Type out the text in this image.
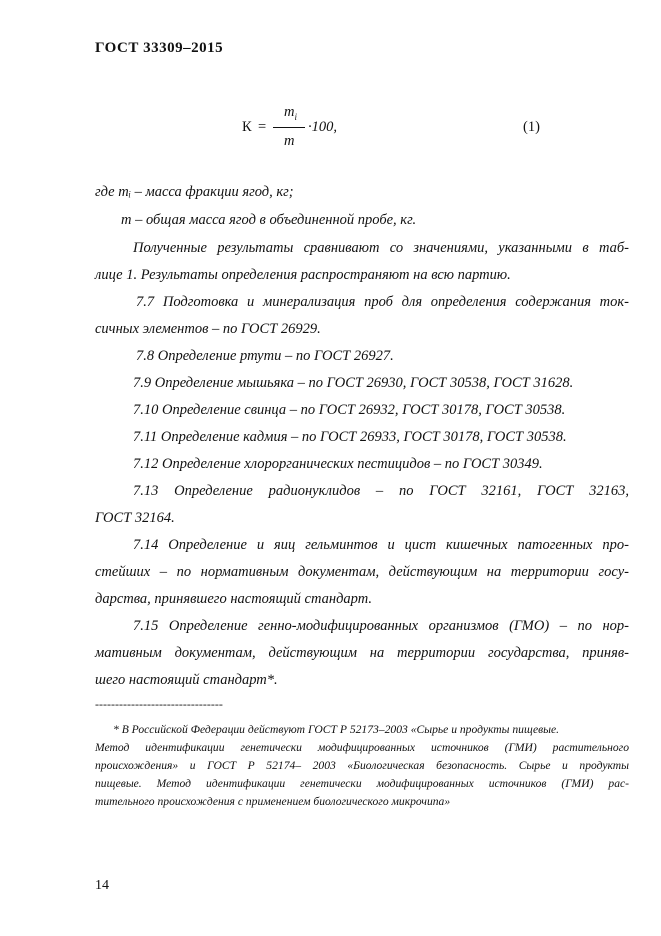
ГОСТ 33309–2015
К =
$m_i$
m
·100,	(1)
где mᵢ – масса фракции ягод, кг;
m – общая масса ягод в объединенной пробе, кг.
Полученные результаты сравнивают со значениями, указанными в таб-
лице 1. Результаты определения распространяют на всю партию.
7.7 Подготовка и минерализация проб для определения содержания ток-
сичных элементов – по ГОСТ 26929.
7.8 Определение ртути – по ГОСТ 26927.
7.9 Определение мышьяка – по ГОСТ 26930, ГОСТ 30538, ГОСТ 31628.
7.10 Определение свинца – по ГОСТ 26932, ГОСТ 30178, ГОСТ 30538.
7.11 Определение кадмия – по ГОСТ 26933, ГОСТ 30178, ГОСТ 30538.
7.12 Определение хлорорганических пестицидов – по ГОСТ 30349.
7.13 Определение радионуклидов – по ГОСТ 32161, ГОСТ 32163,
ГОСТ 32164.
7.14 Определение и яиц гельминтов и цист кишечных патогенных про-
стейших – по нормативным документам, действующим на территории госу-
дарства, принявшего настоящий стандарт.
7.15 Определение генно-модифицированных организмов (ГМО) – по нор-
мативным документам, действующим на территории государства, приняв-
шего настоящий стандарт*.
--------------------------------
* В Российской Федерации действуют ГОСТ Р 52173–2003 «Сырье и продукты пищевые.
Метод идентификации генетически модифицированных источников (ГМИ) растительного
происхождения» и ГОСТ Р 52174– 2003 «Биологическая безопасность. Сырье и продукты
пищевые. Метод идентификации генетически модифицированных источников (ГМИ) рас-
тительного происхождения с применением биологического микрочипа»
14
